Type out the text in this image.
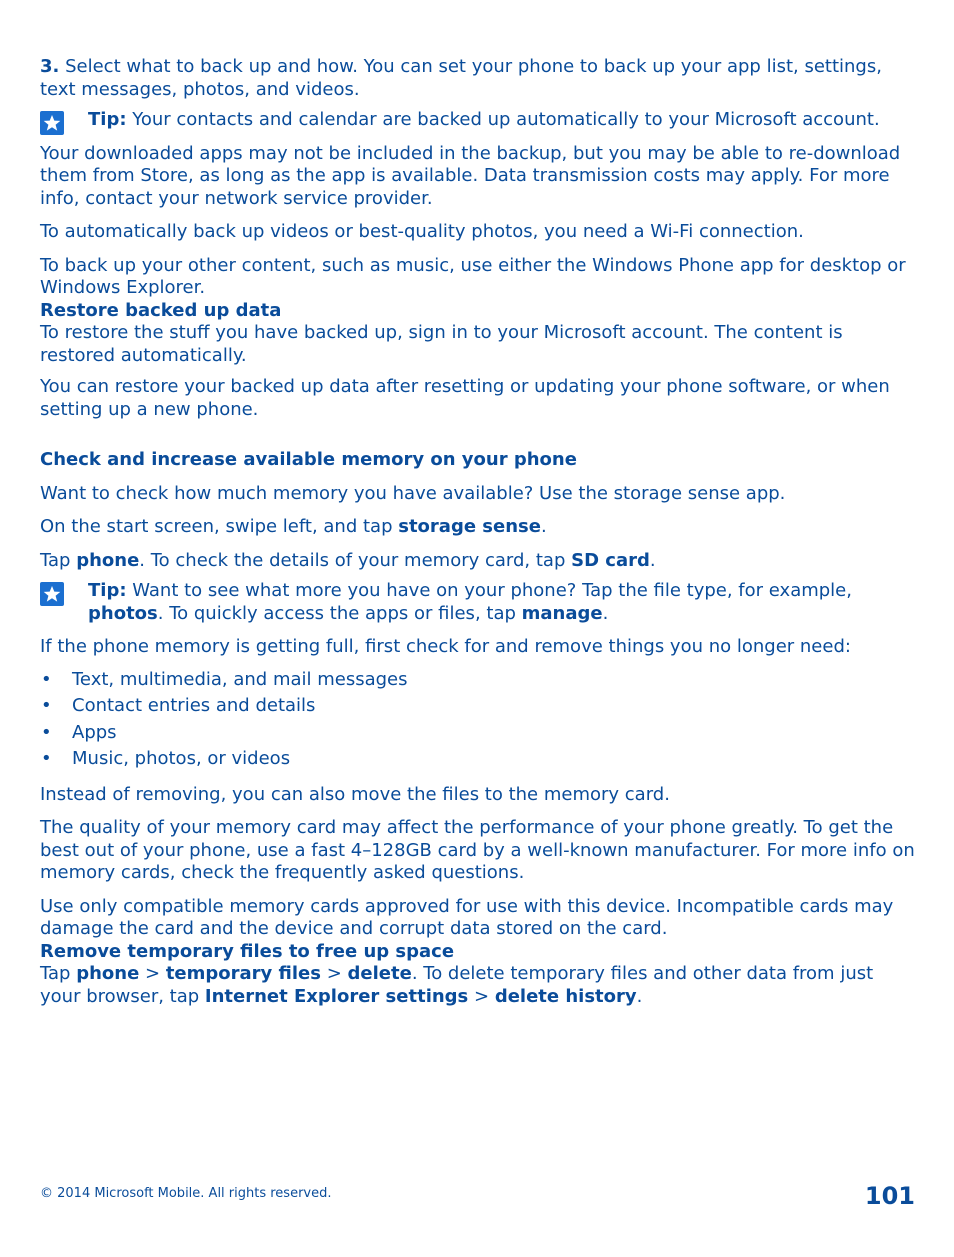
3. Select what to back up and how. You can set your phone to back up your app list, settings, text messages, photos, and videos.

Tip: Your contacts and calendar are backed up automatically to your Microsoft account.

Your downloaded apps may not be included in the backup, but you may be able to re-download them from Store, as long as the app is available. Data transmission costs may apply. For more info, contact your network service provider.

To automatically back up videos or best-quality photos, you need a Wi-Fi connection.

To back up your other content, such as music, use either the Windows Phone app for desktop or Windows Explorer.

Restore backed up data

To restore the stuff you have backed up, sign in to your Microsoft account. The content is restored automatically.

You can restore your backed up data after resetting or updating your phone software, or when setting up a new phone.

Check and increase available memory on your phone

Want to check how much memory you have available? Use the storage sense app.

On the start screen, swipe left, and tap storage sense.

Tap phone. To check the details of your memory card, tap SD card.

Tip: Want to see what more you have on your phone? Tap the file type, for example, photos. To quickly access the apps or files, tap manage.

If the phone memory is getting full, first check for and remove things you no longer need:

• Text, multimedia, and mail messages
• Contact entries and details
• Apps
• Music, photos, or videos

Instead of removing, you can also move the files to the memory card.

The quality of your memory card may affect the performance of your phone greatly. To get the best out of your phone, use a fast 4–128GB card by a well-known manufacturer. For more info on memory cards, check the frequently asked questions.

Use only compatible memory cards approved for use with this device. Incompatible cards may damage the card and the device and corrupt data stored on the card.

Remove temporary files to free up space

Tap phone > temporary files > delete. To delete temporary files and other data from just your browser, tap Internet Explorer settings > delete history.

© 2014 Microsoft Mobile. All rights reserved.	101
